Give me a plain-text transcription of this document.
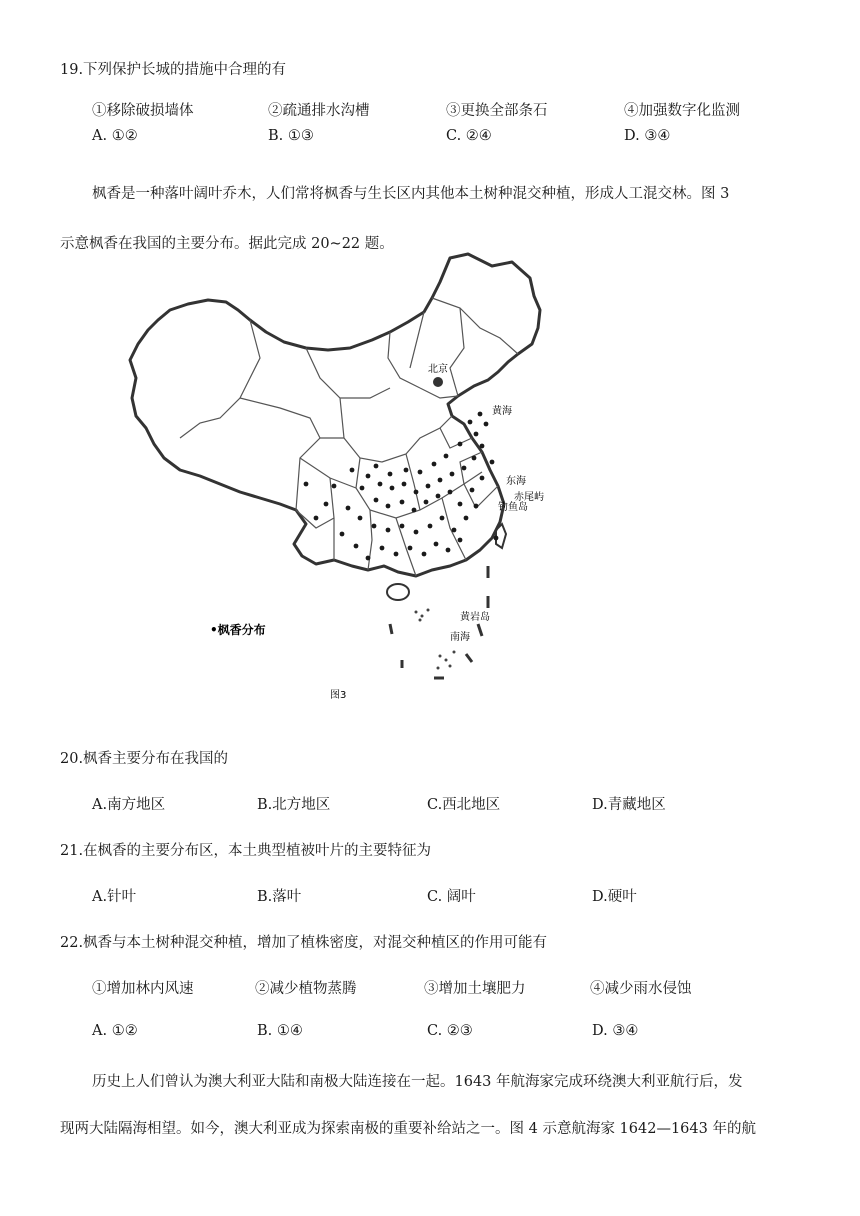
19.下列保护长城的措施中合理的有
①移除破损墙体	②疏通排水沟槽	③更换全部条石	④加强数字化监测
A. ①②	B. ①③	C. ②④	D. ③④
枫香是一种落叶阔叶乔木，人们常将枫香与生长区内其他本土树种混交种植，形成人工混交林。图 3
示意枫香在我国的主要分布。据此完成 20~22 题。
北京
黄海
东海
赤尾屿
钓鱼岛
黄岩岛
南海
•枫香分布
图3
20.枫香主要分布在我国的
A.南方地区	B.北方地区	C.西北地区	D.青藏地区
21.在枫香的主要分布区，本土典型植被叶片的主要特征为
A.针叶	B.落叶	C. 阔叶	D.硬叶
22.枫香与本土树种混交种植，增加了植株密度，对混交种植区的作用可能有
①增加林内风速	②减少植物蒸腾	③增加土壤肥力	④减少雨水侵蚀
A. ①②	B. ①④	C. ②③	D. ③④
历史上人们曾认为澳大利亚大陆和南极大陆连接在一起。1643 年航海家完成环绕澳大利亚航行后，发
现两大陆隔海相望。如今，澳大利亚成为探索南极的重要补给站之一。图 4 示意航海家 1642—1643 年的航
